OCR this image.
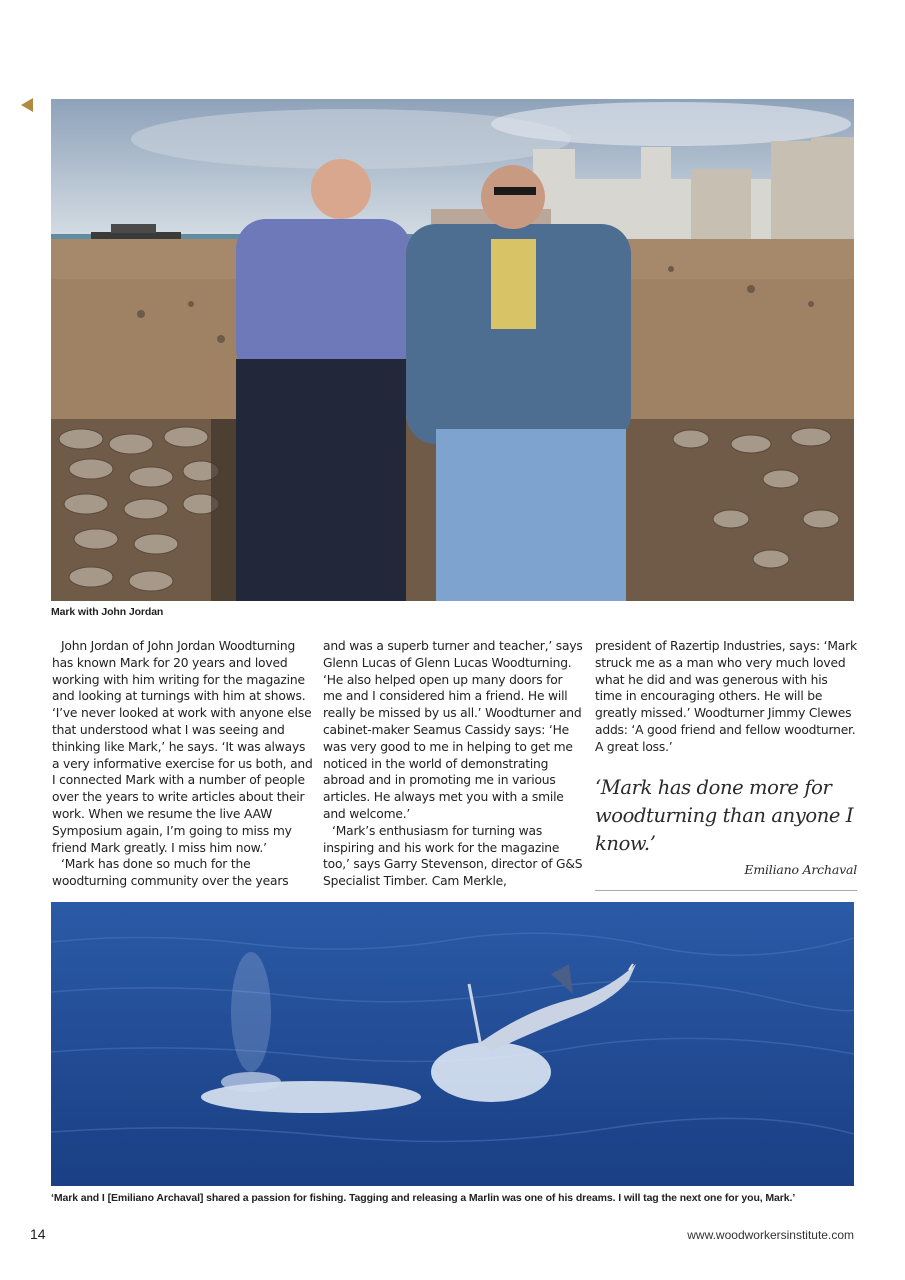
Mark with John Jordan

John Jordan of John Jordan Woodturning has known Mark for 20 years and loved working with him writing for the magazine and looking at turnings with him at shows. ‘I’ve never looked at work with anyone else that understood what I was seeing and thinking like Mark,’ he says. ‘It was always a very informative exercise for us both, and I connected Mark with a number of people over the years to write articles about their work. When we resume the live AAW Symposium again, I’m going to miss my friend Mark greatly. I miss him now.’

‘Mark has done so much for the woodturning community over the years

and was a superb turner and teacher,’ says Glenn Lucas of Glenn Lucas Woodturning. ‘He also helped open up many doors for me and I considered him a friend. He will really be missed by us all.’ Woodturner and cabinet-maker Seamus Cassidy says: ‘He was very good to me in helping to get me noticed in the world of demonstrating abroad and in promoting me in various articles. He always met you with a smile and welcome.’

‘Mark’s enthusiasm for turning was inspiring and his work for the magazine too,’ says Garry Stevenson, director of G&S Specialist Timber. Cam Merkle,

president of Razertip Industries, says: ‘Mark struck me as a man who very much loved what he did and was generous with his time in encouraging others. He will be greatly missed.’ Woodturner Jimmy Clewes adds: ‘A good friend and fellow woodturner. A great loss.’

‘Mark has done more for woodturning than anyone I know.’
Emiliano Archaval
‘Mark and I [Emiliano Archaval] shared a passion for fishing. Tagging and releasing a Marlin was one of his dreams. I will tag the next one for you, Mark.’
14	www.woodworkersinstitute.com
